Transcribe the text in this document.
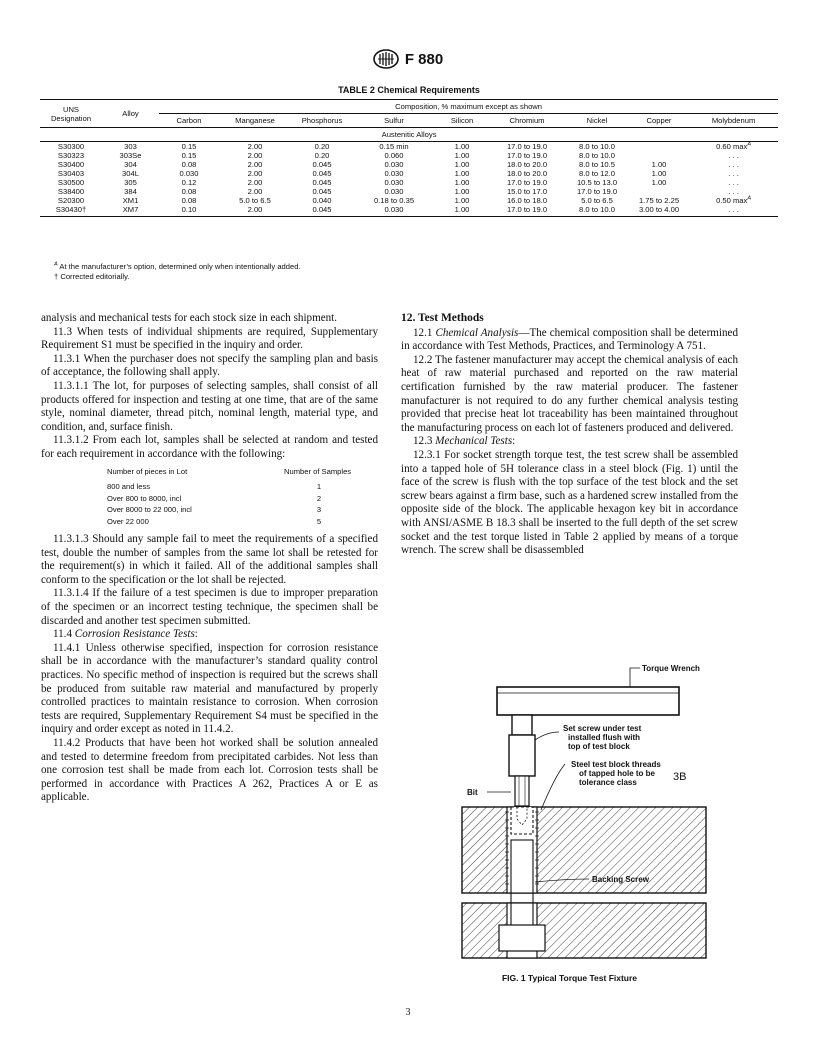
F 880
TABLE 2 Chemical Requirements
UNS Designation	Alloy	Composition, % maximum except as shown								
		Carbon	Manganese	Phosphorus	Sulfur	Silicon	Chromium	Nickel	Copper	Molybdenum
Austenitic Alloys										
S30300	303	0.15	2.00	0.20	0.15 min	1.00	17.0 to 19.0	8.0 to 10.0		0.60 $\max^A$
S30323	303Se	0.15	2.00	0.20	0.060	1.00	17.0 to 19.0	8.0 to 10.0		. . .
S30400	304	0.08	2.00	0.045	0.030	1.00	18.0 to 20.0	8.0 to 10.5	1.00	. . .
S30403	304L	0.030	2.00	0.045	0.030	1.00	18.0 to 20.0	8.0 to 12.0	1.00	. . .
S30500	305	0.12	2.00	0.045	0.030	1.00	17.0 to 19.0	10.5 to 13.0	1.00	. . .
S38400	384	0.08	2.00	0.045	0.030	1.00	15.0 to 17.0	17.0 to 19.0		. . .
S20300	XM1	0.08	5.0 to 6.5	0.040	0.18 to 0.35	1.00	16.0 to 18.0	5.0 to 6.5	1.75 to 2.25	0.50 $\max^A$
S30430†	XM7	0.10	2.00	0.045	0.030	1.00	17.0 to 19.0	8.0 to 10.0	3.00 to 4.00	. . .
$^A$ At the manufacturer’s option, determined only when intentionally added.
† Corrected editorially.

analysis and mechanical tests for each stock size in each shipment.

11.3 When tests of individual shipments are required, Supplementary Requirement S1 must be specified in the inquiry and order.

11.3.1 When the purchaser does not specify the sampling plan and basis of acceptance, the following shall apply.

11.3.1.1 The lot, for purposes of selecting samples, shall consist of all products offered for inspection and testing at one time, that are of the same style, nominal diameter, thread pitch, nominal length, material type, and condition, and, surface finish.

11.3.1.2 From each lot, samples shall be selected at random and tested for each requirement in accordance with the following:

Number of pieces in Lot	Number of Samples
800 and less	1
Over 800 to 8000, incl	2
Over 8000 to 22 000, incl	3
Over 22 000	5

11.3.1.3 Should any sample fail to meet the requirements of a specified test, double the number of samples from the same lot shall be retested for the requirement(s) in which it failed. All of the additional samples shall conform to the specification or the lot shall be rejected.

11.3.1.4 If the failure of a test specimen is due to improper preparation of the specimen or an incorrect testing technique, the specimen shall be discarded and another test specimen submitted.

11.4 Corrosion Resistance Tests:

11.4.1 Unless otherwise specified, inspection for corrosion resistance shall be in accordance with the manufacturer’s standard quality control practices. No specific method of inspection is required but the screws shall be produced from suitable raw material and manufactured by properly controlled practices to maintain resistance to corrosion. When corrosion tests are required, Supplementary Requirement S4 must be specified in the inquiry and order except as noted in 11.4.2.

11.4.2 Products that have been hot worked shall be solution annealed and tested to determine freedom from precipitated carbides. Not less than one corrosion test shall be made from each lot. Corrosion tests shall be performed in accordance with Practices A 262, Practices A or E as applicable.

12. Test Methods

12.1 Chemical Analysis—The chemical composition shall be determined in accordance with Test Methods, Practices, and Terminology A 751.

12.2 The fastener manufacturer may accept the chemical analysis of each heat of raw material purchased and reported on the raw material certification furnished by the raw material producer. The fastener manufacturer is not required to do any further chemical analysis testing provided that precise heat lot traceability has been maintained throughout the manufacturing process on each lot of fasteners produced and delivered.

12.3 Mechanical Tests:

12.3.1 For socket strength torque test, the test screw shall be assembled into a tapped hole of 5H tolerance class in a steel block (Fig. 1) until the face of the screw is flush with the top surface of the test block and the set screw bears against a firm base, such as a hardened screw installed from the opposite side of the block. The applicable hexagon key bit in accordance with ANSI/ASME B 18.3 shall be inserted to the full depth of the set screw socket and the test torque listed in Table 2 applied by means of a torque wrench. The screw shall be disassembled

Torque Wrench
Set screw under test installed flush with top of test block
Steel test block threads of tapped hole to be tolerance class	3B
Bit
Backing Screw
FIG. 1 Typical Torque Test Fixture
3
